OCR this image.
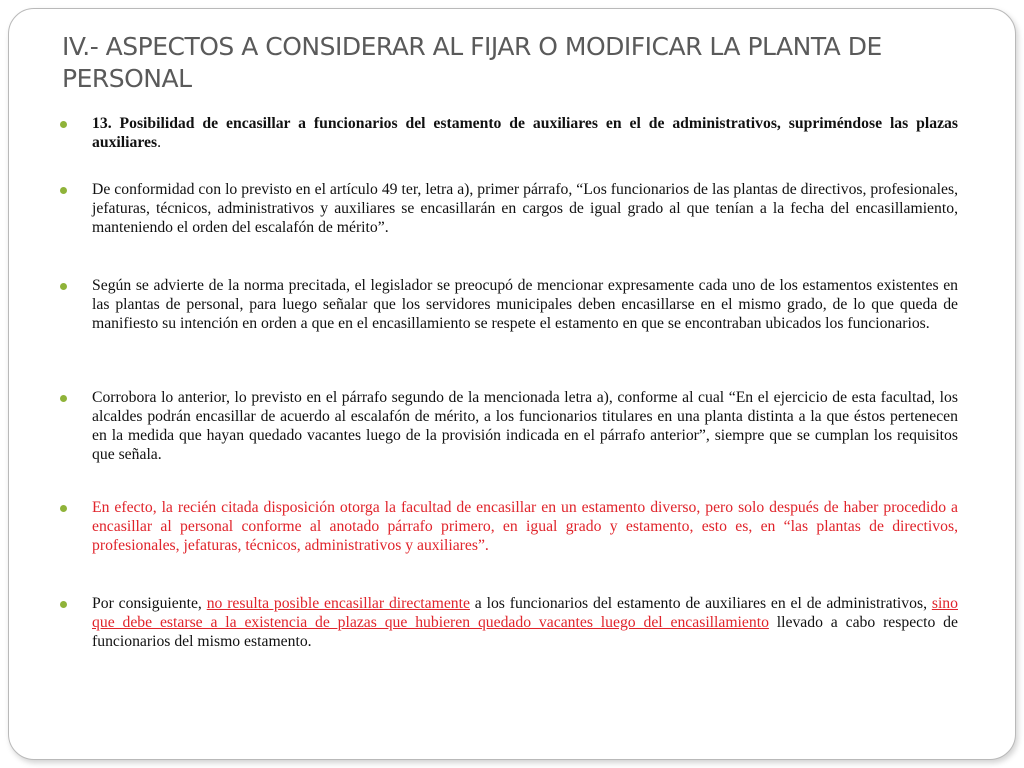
IV.- ASPECTOS A CONSIDERAR AL FIJAR O MODIFICAR LA PLANTA DE PERSONAL
13. Posibilidad de encasillar a funcionarios del estamento de auxiliares en el de administrativos, supriméndose las plazas auxiliares.
De conformidad con lo previsto en el artículo 49 ter, letra a), primer párrafo, “Los funcionarios de las plantas de directivos, profesionales, jefaturas, técnicos, administrativos y auxiliares se encasillarán en cargos de igual grado al que tenían a la fecha del encasillamiento, manteniendo el orden del escalafón de mérito”.
Según se advierte de la norma precitada, el legislador se preocupó de mencionar expresamente cada uno de los estamentos existentes en las plantas de personal, para luego señalar que los servidores municipales deben encasillarse en el mismo grado, de lo que queda de manifiesto su intención en orden a que en el encasillamiento se respete el estamento en que se encontraban ubicados los funcionarios.
Corrobora lo anterior, lo previsto en el párrafo segundo de la mencionada letra a), conforme al cual “En el ejercicio de esta facultad, los alcaldes podrán encasillar de acuerdo al escalafón de mérito, a los funcionarios titulares en una planta distinta a la que éstos pertenecen en la medida que hayan quedado vacantes luego de la provisión indicada en el párrafo anterior”, siempre que se cumplan los requisitos que señala.
En efecto, la recién citada disposición otorga la facultad de encasillar en un estamento diverso, pero solo después de haber procedido a encasillar al personal conforme al anotado párrafo primero, en igual grado y estamento, esto es, en “las plantas de directivos, profesionales, jefaturas, técnicos, administrativos y auxiliares”.
Por consiguiente, no resulta posible encasillar directamente a los funcionarios del estamento de auxiliares en el de administrativos, sino que debe estarse a la existencia de plazas que hubieren quedado vacantes luego del encasillamiento llevado a cabo respecto de funcionarios del mismo estamento.
